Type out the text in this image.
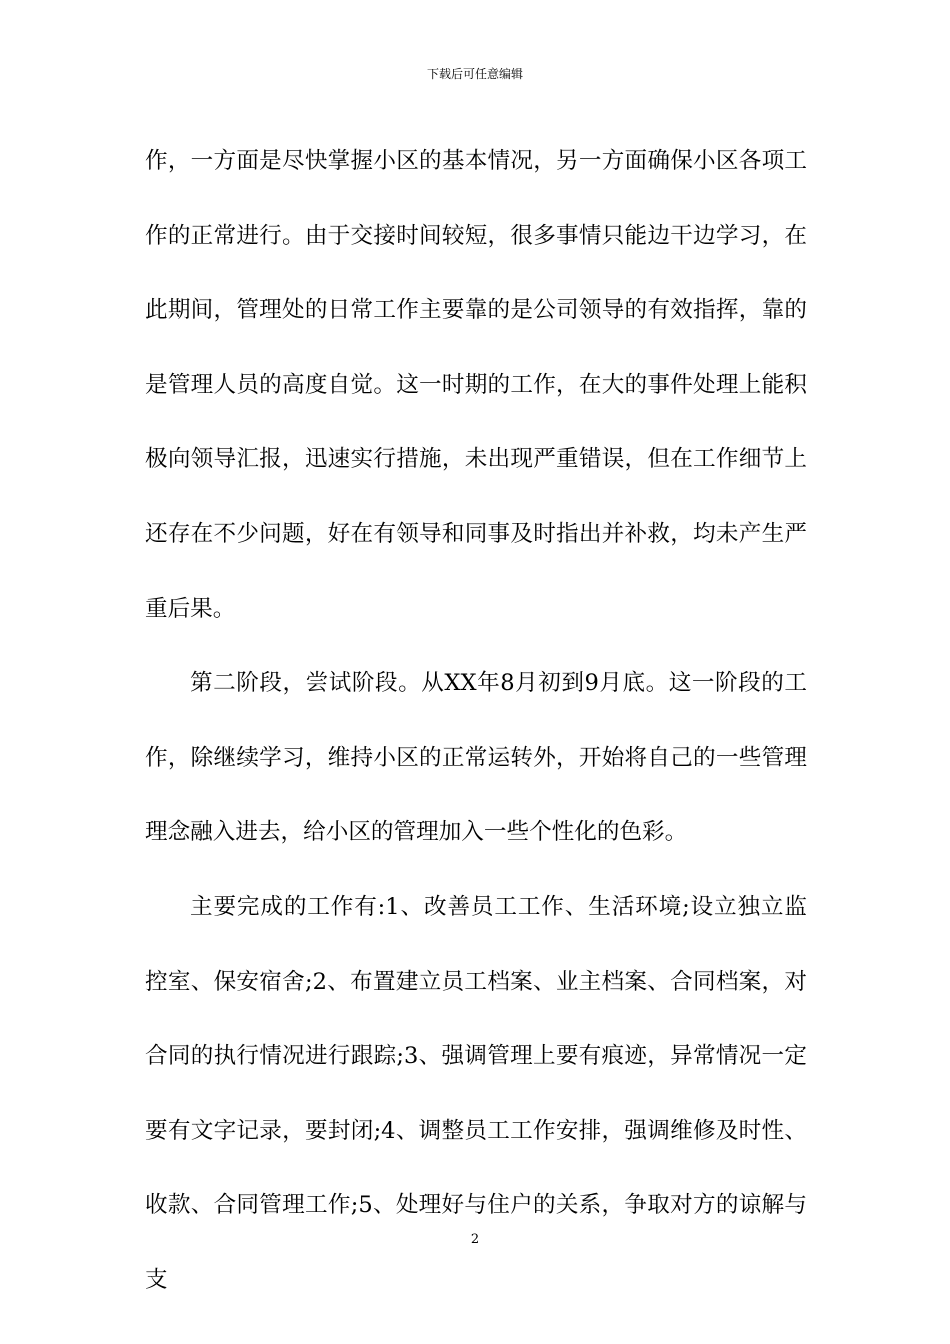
下载后可任意编辑

作，一方面是尽快掌握小区的基本情况，另一方面确保小区各项工作的正常进行。由于交接时间较短，很多事情只能边干边学习，在此期间，管理处的日常工作主要靠的是公司领导的有效指挥，靠的是管理人员的高度自觉。这一时期的工作，在大的事件处理上能积极向领导汇报，迅速实行措施，未出现严重错误，但在工作细节上还存在不少问题，好在有领导和同事及时指出并补救，均未产生严重后果。

第二阶段，尝试阶段。从XX年8月初到9月底。这一阶段的工作，除继续学习，维持小区的正常运转外，开始将自己的一些管理理念融入进去，给小区的管理加入一些个性化的色彩。

主要完成的工作有:1、改善员工工作、生活环境;设立独立监控室、保安宿舍;2、布置建立员工档案、业主档案、合同档案，对合同的执行情况进行跟踪;3、强调管理上要有痕迹，异常情况一定要有文字记录，要封闭;4、调整员工工作安排，强调维修及时性、收款、合同管理工作;5、处理好与住户的关系，争取对方的谅解与支

2
